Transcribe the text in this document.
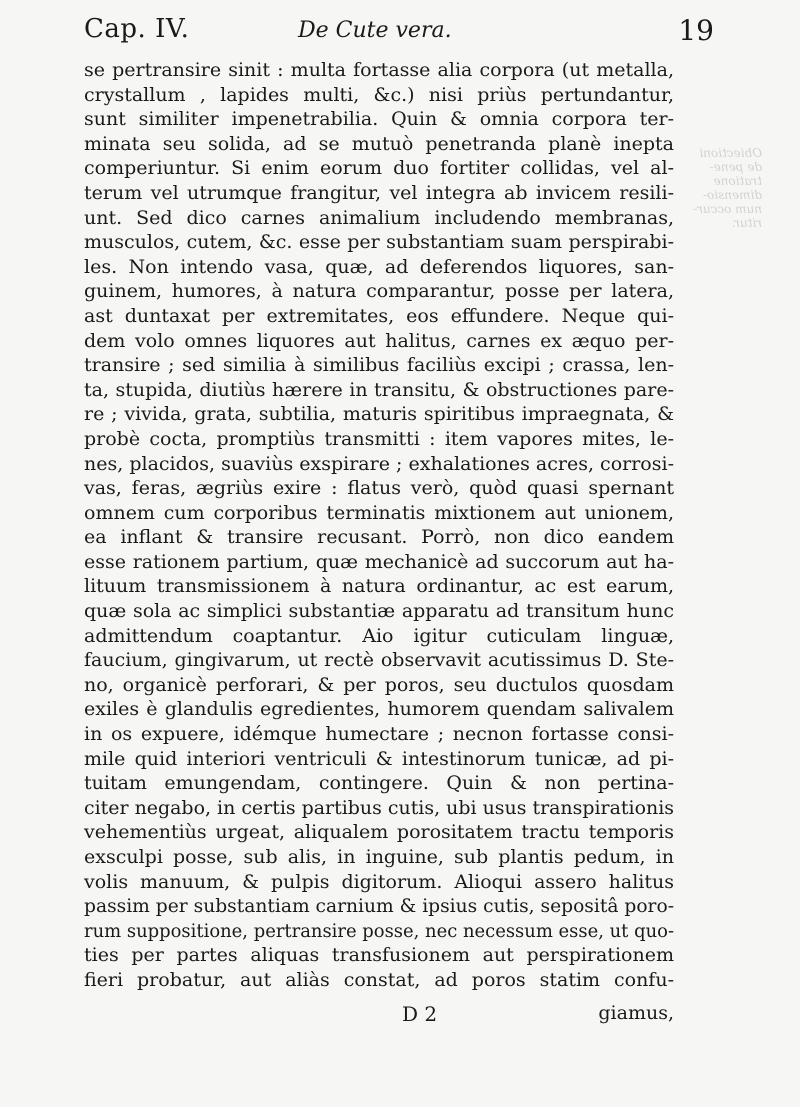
Cap. IV.	De Cute vera.	19
Obiectioni
de pene-
tratione
dimensio-
num occur-
ritur.
se pertransire sinit : multa fortasse alia corpora (ut metalla,
crystallum , lapides multi, &c.) nisi priùs pertundantur,
sunt similiter impenetrabilia. Quin & omnia corpora ter-
minata seu solida, ad se mutuò penetranda planè inepta
comperiuntur. Si enim eorum duo fortiter collidas, vel al-
terum vel utrumque frangitur, vel integra ab invicem resili-
unt. Sed dico carnes animalium includendo membranas,
musculos, cutem, &c. esse per substantiam suam perspirabi-
les. Non intendo vasa, quæ, ad deferendos liquores, san-
guinem, humores, à natura comparantur, posse per latera,
ast duntaxat per extremitates, eos effundere. Neque qui-
dem volo omnes liquores aut halitus, carnes ex æquo per-
transire ; sed similia à similibus faciliùs excipi ; crassa, len-
ta, stupida, diutiùs hærere in transitu, & obstructiones pare-
re ; vivida, grata, subtilia, maturis spiritibus impraegnata, &
probè cocta, promptiùs transmitti : item vapores mites, le-
nes, placidos, suaviùs exspirare ; exhalationes acres, corrosi-
vas, feras, ægriùs exire : flatus verò, quòd quasi spernant
omnem cum corporibus terminatis mixtionem aut unionem,
ea inflant & transire recusant. Porrò, non dico eandem
esse rationem partium, quæ mechanicè ad succorum aut ha-
lituum transmissionem à natura ordinantur, ac est earum,
quæ sola ac simplici substantiæ apparatu ad transitum hunc
admittendum coaptantur. Aio igitur cuticulam linguæ,
faucium, gingivarum, ut rectè observavit acutissimus D. Ste-
no, organicè perforari, & per poros, seu ductulos quosdam
exiles è glandulis egredientes, humorem quendam salivalem
in os expuere, idémque humectare ; necnon fortasse consi-
mile quid interiori ventriculi & intestinorum tunicæ, ad pi-
tuitam emungendam, contingere. Quin & non pertina-
citer negabo, in certis partibus cutis, ubi usus transpirationis
vehementiùs urgeat, aliqualem porositatem tractu temporis
exsculpi posse, sub alis, in inguine, sub plantis pedum, in
volis manuum, & pulpis digitorum. Alioqui assero halitus
passim per substantiam carnium & ipsius cutis, sepositâ poro-
rum suppositione, pertransire posse, nec necessum esse, ut quo-
ties per partes aliquas transfusionem aut perspirationem
fieri probatur, aut aliàs constat, ad poros statim confu-
D 2	giamus,
